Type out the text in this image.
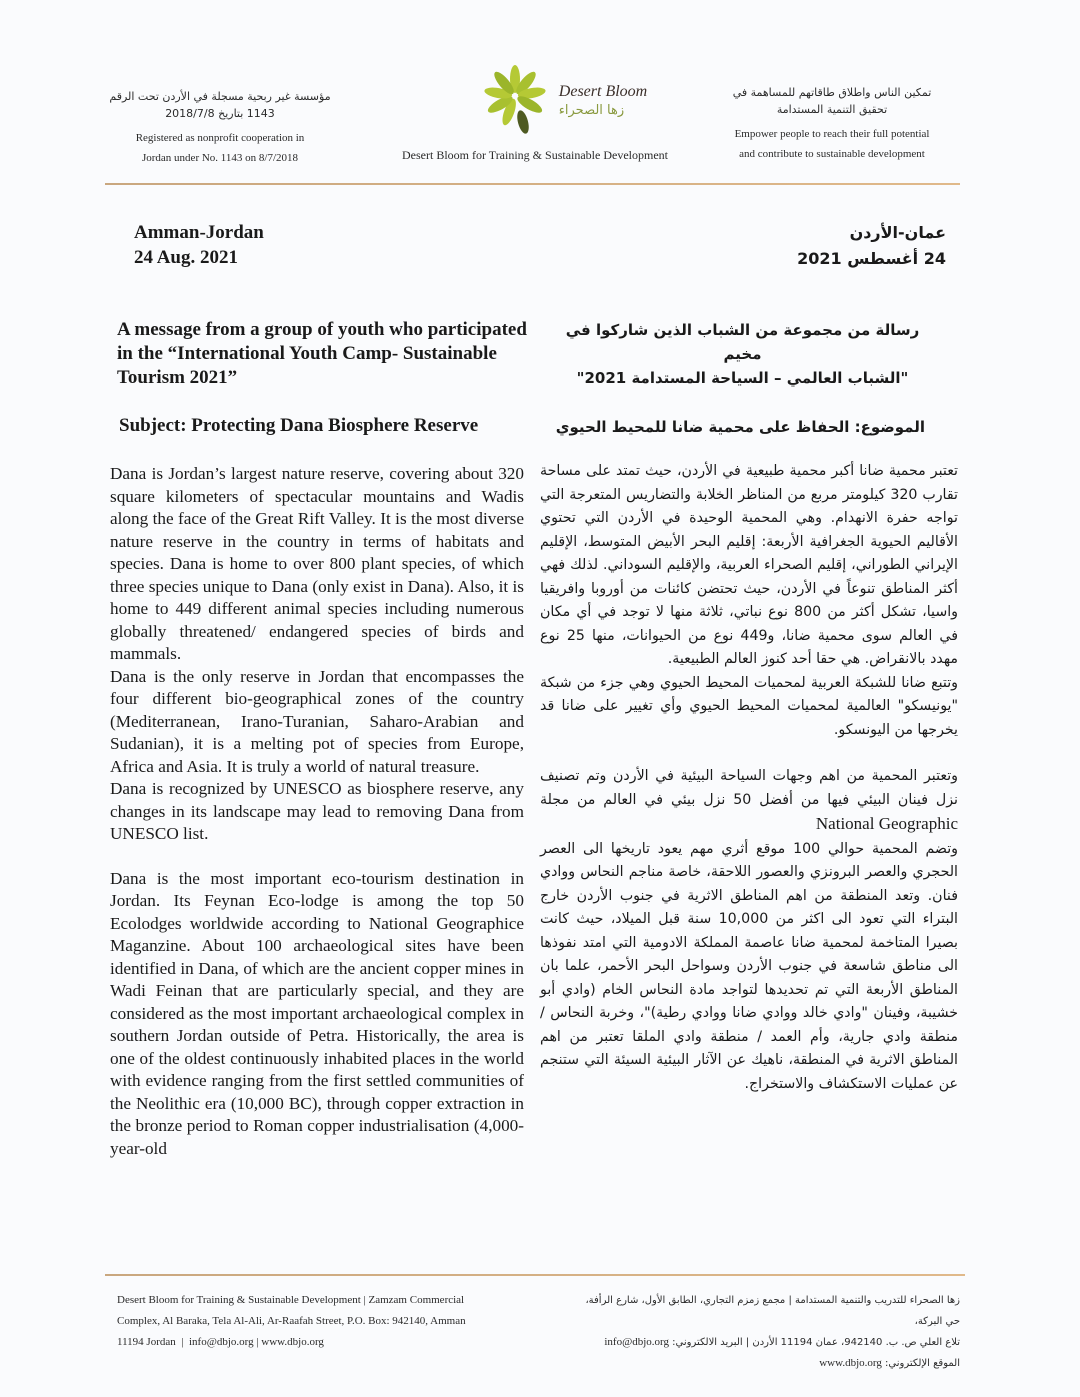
مؤسسة غير ربحية مسجلة في الأردن تحت الرقم
1143 بتاريخ 2018/7/8
Registered as nonprofit cooperation in
Jordan under No. 1143 on 8/7/2018
Desert Bloom
زها الصحراء
Desert Bloom for Training & Sustainable Development
تمكين الناس واطلاق طاقاتهم للمساهمة في
تحقيق التنمية المستدامة
Empower people to reach their full potential
and contribute to sustainable development
Amman-Jordan
24 Aug. 2021
عمان-الأردن
24 أغسطس 2021
A message from a group of youth who participated in the “International Youth Camp- Sustainable Tourism 2021”
Subject: Protecting Dana Biosphere Reserve
رسالة من مجموعة من الشباب الذين شاركوا في مخيم
"الشباب العالمي – السياحة المستدامة 2021"
الموضوع: الحفاظ على محمية ضانا للمحيط الحيوي

Dana is Jordan’s largest nature reserve, covering about 320 square kilometers of spectacular mountains and Wadis along the face of the Great Rift Valley. It is the most diverse nature reserve in the country in terms of habitats and species. Dana is home to over 800 plant species, of which three species unique to Dana (only exist in Dana). Also, it is home to 449 different animal species including numerous globally threatened/ endangered species of birds and mammals.

Dana is the only reserve in Jordan that encompasses the four different bio-geographical zones of the country (Mediterranean, Irano-Turanian, Saharo-Arabian and Sudanian), it is a melting pot of species from Europe, Africa and Asia. It is truly a world of natural treasure.

Dana is recognized by UNESCO as biosphere reserve, any changes in its landscape may lead to removing Dana from UNESCO list.

Dana is the most important eco-tourism destination in Jordan. Its Feynan Eco-lodge is among the top 50 Ecolodges worldwide according to National Geographice Maganzine. About 100 archaeological sites have been identified in Dana, of which are the ancient copper mines in Wadi Feinan that are particularly special, and they are considered as the most important archaeological complex in southern Jordan outside of Petra. Historically, the area is one of the oldest continuously inhabited places in the world with evidence ranging from the first settled communities of the Neolithic era (10,000 BC), through copper extraction in the bronze period to Roman copper industrialisation (4,000-year-old

تعتبر محمية ضانا أكبر محمية طبيعية في الأردن، حيث تمتد على مساحة تقارب 320 كيلومتر مربع من المناظر الخلابة والتضاريس المتعرجة التي تواجه حفرة الانهدام. وهي المحمية الوحيدة في الأردن التي تحتوي الأقاليم الحيوية الجغرافية الأربعة: إقليم البحر الأبيض المتوسط، الإقليم الإيراني الطوراني، إقليم الصحراء العربية، والإقليم السوداني. لذلك فهي أكثر المناطق تنوعاً في الأردن، حيث تحتضن كائنات من أوروبا وافريقيا واسيا، تشكل أكثر من 800 نوع نباتي، ثلاثة منها لا توجد في أي مكان في العالم سوى محمية ضانا، و449 نوع من الحيوانات، منها 25 نوع مهدد بالانقراض. هي حقا أحد كنوز العالم الطبيعية.

وتتبع ضانا للشبكة العربية لمحميات المحيط الحيوي وهي جزء من شبكة "يونيسكو" العالمية لمحميات المحيط الحيوي وأي تغيير على ضانا قد يخرجها من اليونسكو.

وتعتبر المحمية من اهم وجهات السياحة البيئية في الأردن وتم تصنيف نزل فينان البيئي فيها من أفضل 50 نزل بيئي في العالم من مجلة National Geographic

وتضم المحمية حوالي 100 موقع أثري مهم يعود تاريخها الى العصر الحجري والعصر البرونزي والعصور اللاحقة، خاصة مناجم النحاس ووادي فنان. وتعد المنطقة من اهم المناطق الاثرية في جنوب الأردن خارج البتراء التي تعود الى اكثر من 10,000 سنة قبل الميلاد، حيث كانت بصيرا المتاخمة لمحمية ضانا عاصمة المملكة الادومية التي امتد نفوذها الى مناطق شاسعة في جنوب الأردن وسواحل البحر الأحمر، علما بان المناطق الأربعة التي تم تحديدها لتواجد مادة النحاس الخام (وادي أبو خشيبة، وفينان "وادي خالد ووادي ضانا ووادي رطية)"، وخربة النحاس / منطقة وادي جارية، وأم العمد / منطقة وادي الملقا تعتبر من اهم المناطق الاثرية في المنطقة، ناهيك عن الآثار البيئية السيئة التي ستنجم عن عمليات الاستكشاف والاستخراج.

Desert Bloom for Training & Sustainable Development | Zamzam Commercial
Complex, Al Baraka, Tela Al-Ali, Ar-Raafah Street, P.O. Box: 942140, Amman
11194 Jordan  |  info@dbjo.org | www.dbjo.org
زها الصحراء للتدريب والتنمية المستدامة | مجمع زمزم التجاري، الطابق الأول، شارع الرأفة، حي البركة،
تلاع العلي ص. ب. 942140، عمان 11194 الأردن | البريد الالكتروني: info@dbjo.org
الموقع الإلكتروني: www.dbjo.org
